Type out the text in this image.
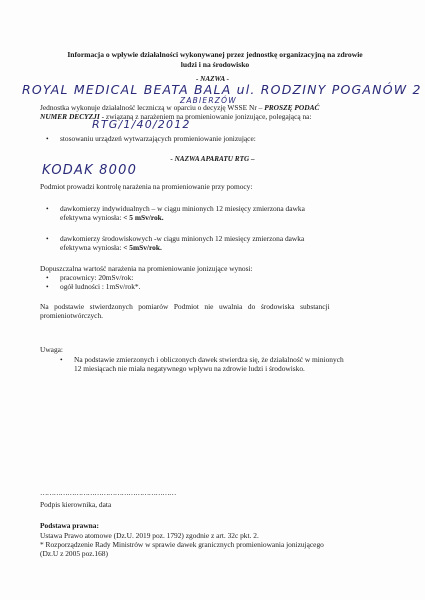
Informacja o wpływie działalności wykonywanej przez jednostkę organizacyjną na zdrowie
ludzi i na środowisko
- NAZWA -
ROYAL MEDICAL BEATA BALA ul. RODZINY POGANÓW 2
ZABIERZÓW
Jednostka wykonuje działalność leczniczą w oparciu o decyzję WSSE Nr – PROSZĘ PODAĆ
NUMER DECYZJI - związaną z narażeniem na promieniowanie jonizujące, polegającą na:
RTG/1/40/2012
•	stosowaniu urządzeń wytwarzających promieniowanie jonizujące:
- NAZWA APARATU RTG –
KODAK 8000
Podmiot prowadzi kontrolę narażenia na promieniowanie przy pomocy:
•	dawkomierzy indywidualnych – w ciągu minionych 12 miesięcy zmierzona dawka
efektywna wyniosła: < 5 mSv/rok.
•	dawkomierzy środowiskowych -w ciągu minionych 12 miesięcy zmierzona dawka
efektywna wyniosła: < 5mSv/rok.
Dopuszczalna wartość narażenia na promieniowanie jonizujące wynosi:
•	pracownicy: 20mSv/rok:
•	ogół ludności : 1mSv/rok*.
Na   podstawie   stwierdzonych   pomiarów   Podmiot   nie   uwalnia   do   środowiska   substancji
promieniotwórczych.
Uwaga:
•	Na podstawie zmierzonych i obliczonych dawek stwierdza się, że działalność w minionych
12 miesiącach nie miała negatywnego wpływu na zdrowie ludzi i środowisko.
……………………………………………………
Podpis kierownika, data
Podstawa prawna:
Ustawa Prawo atomowe (Dz.U. 2019 poz. 1792) zgodnie z art. 32c pkt. 2.
* Rozporządzenie Rady Ministrów w sprawie dawek granicznych promieniowania jonizującego
(Dz.U z 2005 poz.168)
